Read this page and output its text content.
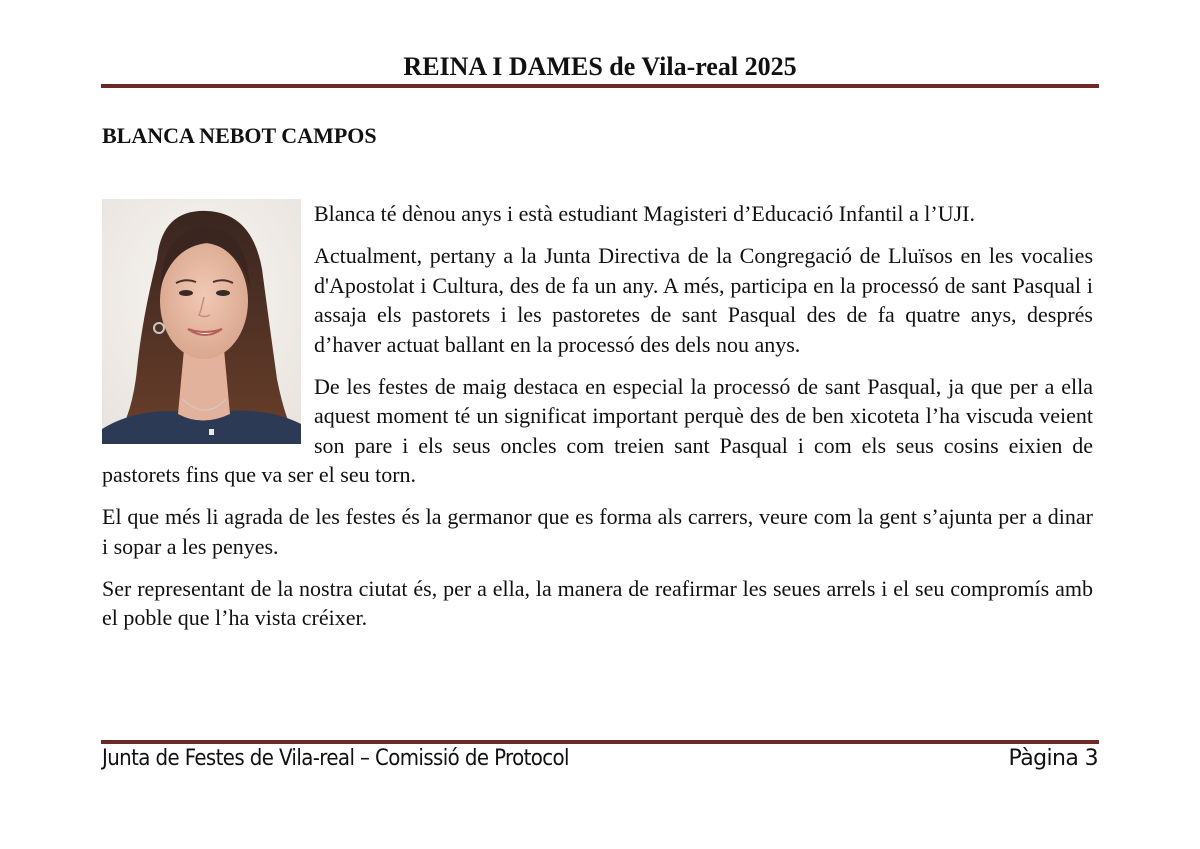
REINA I DAMES de Vila-real 2025
BLANCA NEBOT CAMPOS

Blanca té dènou anys i està estudiant Magisteri d’Educació Infantil a l’UJI.

Actualment, pertany a la Junta Directiva de la Congregació de Lluïsos en les vocalies d'Apostolat i Cultura, des de fa un any. A més, participa en la processó de sant Pasqual i assaja els pastorets i les pastoretes de sant Pasqual des de fa quatre anys, després d’haver actuat ballant en la processó des dels nou anys.

De les festes de maig destaca en especial la processó de sant Pasqual, ja que per a ella aquest moment té un significat important perquè des de ben xicoteta l’ha viscuda veient son pare i els seus oncles com treien sant Pasqual i com els seus cosins eixien de pastorets fins que va ser el seu torn.

El que més li agrada de les festes és la germanor que es forma als carrers, veure com la gent s’ajunta per a dinar i sopar a les penyes.

Ser representant de la nostra ciutat és, per a ella, la manera de reafirmar les seues arrels i el seu compromís amb el poble que l’ha vista créixer.

Junta de Festes de Vila-real – Comissió de Protocol	Pàgina 3
